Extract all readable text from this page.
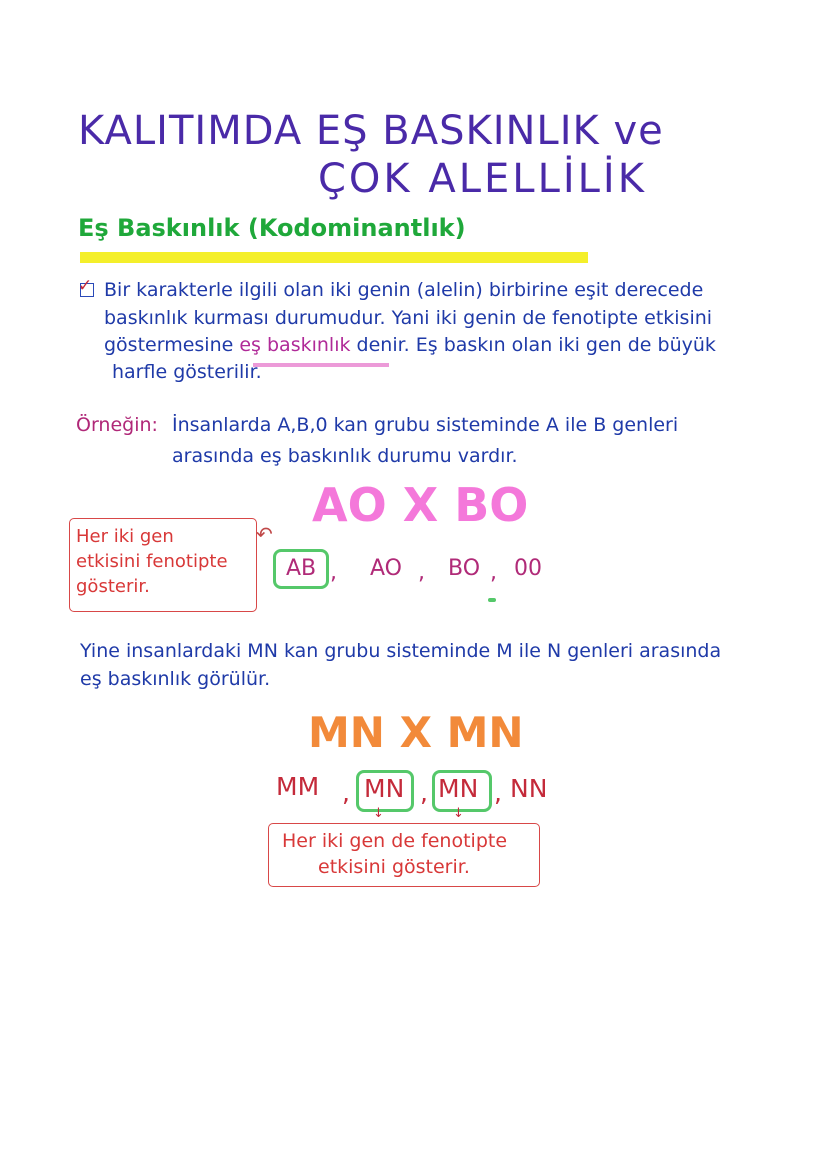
KALITIMDA EŞ BASKINLIK ve
ÇOK ALELLİLİK
Eş Baskınlık (Kodominantlık)
✓ Bir karakterle ilgili olan iki genin (alelin) birbirine eşit derecede
baskınlık kurması durumudur. Yani iki genin de fenotipte etkisini
göstermesine eş baskınlık denir. Eş baskın olan iki gen de büyük
harfle gösterilir.
Örneğin: İnsanlarda A,B,0 kan grubu sisteminde A ile B genleri
arasında eş baskınlık durumu vardır.
AO X BO
Her iki gen
etkisini fenotipte
gösterir.
↶
AB , AO , BO , 00
Yine insanlardaki MN kan grubu sisteminde M ile N genleri arasında
eş baskınlık görülür.
MN X MN
MM , MN , MN , NN
↓	↓
Her iki gen de fenotipte
etkisini gösterir.
